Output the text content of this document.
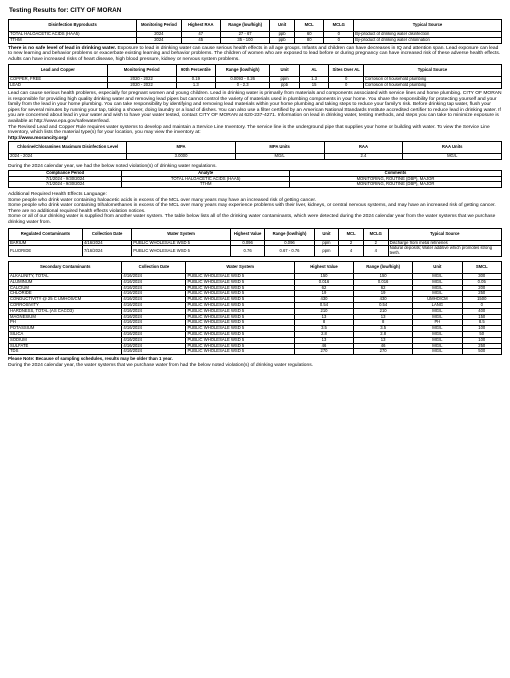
Testing Results for: CITY OF MORAN
Disinfection Byproducts	Monitoring Period	Highest RAA	Range (low/high)	Unit	MCL	MCLG	Typical Source
TOTAL HALOACETIC ACIDS (HAA5)	2024	47	27 - 67	ppb	60	0	By-product of drinking water disinfection
TTHM	2024	45	35 - 100	ppb	80	0	By-product of drinking water chlorination

There is no safe level of lead in drinking water. Exposure to lead in drinking water can cause serious health effects in all age groups. Infants and children can have decreases in IQ and attention span. Lead exposure can lead to new learning and behavior problems or exacerbate existing learning and behavior problems. The children of women who are exposed to lead before or during pregnancy can have increased risk of these adverse health effects. Adults can have increased risks of heart disease, high blood pressure, kidney or nervous system problems.

Lead and Copper	Monitoring Period	90th Percentile	Range (low/high)	Unit	AL	Sites Over AL	Typical Source
COPPER, FREE	2020 - 2022	0.19	0.0093 - 0.26	ppm	1.3	0	Corrosion of household plumbing
LEAD	2020 - 2022	1.3	0 - 2.3	ppb	15	0	Corrosion of household plumbing

Lead can cause serious health problems, especially for pregnant women and young children. Lead in drinking water is primarily from materials and components associated with service lines and home plumbing. CITY OF MORAN is responsible for providing high quality drinking water and removing lead pipes but cannot control the variety of materials used in plumbing components in your home. You share the responsibility for protecting yourself and your family from the lead in your home plumbing. You can take responsibility by identifying and removing lead materials within your home plumbing and taking steps to reduce your family's risk. Before drinking tap water, flush your pipes for several minutes by running your tap, taking a shower, doing laundry or a load of dishes. You can also use a filter certified by an American National Standards Institute accredited certifier to reduce lead in drinking water. If you are concerned about lead in your water and wish to have your water tested, contact CITY OF MORAN at 620-237-4271. Information on lead in drinking water, testing methods, and steps you can take to minimize exposure is available at http://www.epa.gov/safewater/lead.

The Revised Lead and Copper Rule requires water systems to develop and maintain a Service Line Inventory. The service line is the underground pipe that supplies your home or building with water. To view the Service Line Inventory, which lists the material type(s) for your location, you may view the inventory at:

http://www.morancity.org/

Chlorine/Chloramines Maximum Disinfection Level	MPA	MPA Units	RAA	RAA Units
2024 - 2024	3.0000	MG/L	2.4	MG/L

During the 2024 calendar year, we had the below noted violation(s) of drinking water regulations.

Compliance Period	Analyte	Comments
7/1/2024 - 9/30/2024	TOTAL HALOACETIC ACIDS (HAA5)	MONITORING, ROUTINE (DBP), MAJOR
7/1/2024 - 9/30/2024	TTHM	MONITORING, ROUTINE (DBP), MAJOR

Additional Required Health Effects Language:

Some people who drink water containing haloacetic acids in excess of the MCL over many years may have an increased risk of getting cancer.

Some people who drink water containing trihalomethanes in excess of the MCL over many years may experience problems with their liver, kidneys, or central nervous systems, and may have an increased risk of getting cancer. There are no additional required health effects violation notices.

Some or all of our drinking water is supplied from another water system. The table below lists all of the drinking water contaminants, which were detected during the 2024 calendar year from the water systems that we purchase drinking water from.

Regulated Contaminants	Collection Date	Water System	Highest Value	Range (low/high)	Unit	MCL	MCLG	Typical Source
BARIUM	4/16/2024	PUBLIC WHOLESALE WSD 5	0.096	0.096	ppm	2	2	Discharge from metal refineries
FLUORIDE	7/16/2024	PUBLIC WHOLESALE WSD 5	0.76	0.67 - 0.76	ppm	4	4	Natural deposits; Water additive which promotes strong teeth.
Secondary Contaminants	Collection Date	Water System	Highest Value	Range (low/high)	Unit	SMCL
ALKALINITY, TOTAL	4/16/2024	PUBLIC WHOLESALE WSD 5	150	150	MG/L	300
ALUMINUM	4/16/2024	PUBLIC WHOLESALE WSD 5	0.016	0.016	MG/L	0.05
CALCIUM	4/16/2024	PUBLIC WHOLESALE WSD 5	62	62	MG/L	200
CHLORIDE	4/16/2024	PUBLIC WHOLESALE WSD 5	19	19	MG/L	250
CONDUCTIVITY @ 25 C UMHOS/CM	4/16/2024	PUBLIC WHOLESALE WSD 5	430	430	UMHO/CM	1500
CORROSIVITY	4/16/2024	PUBLIC WHOLESALE WSD 5	0.54	0.54	LANG	0
HARDNESS, TOTAL (AS CACO3)	4/16/2024	PUBLIC WHOLESALE WSD 5	210	210	MG/L	400
MAGNESIUM	4/16/2024	PUBLIC WHOLESALE WSD 5	13	13	MG/L	150
PH	4/16/2024	PUBLIC WHOLESALE WSD 5	8	8	PH	8.5
POTASSIUM	4/16/2024	PUBLIC WHOLESALE WSD 5	3.5	3.5	MG/L	100
SILICA	4/16/2024	PUBLIC WHOLESALE WSD 5	2.8	2.8	MG/L	50
SODIUM	4/16/2024	PUBLIC WHOLESALE WSD 5	13	13	MG/L	100
SULFATE	4/16/2024	PUBLIC WHOLESALE WSD 5	46	46	MG/L	250
TDS	4/16/2024	PUBLIC WHOLESALE WSD 5	270	270	MG/L	500

Please Note: Because of sampling schedules, results may be older than 1 year.

During the 2024 calendar year, the water systems that we purchase water from had the below noted violation(s) of drinking water regulations.
